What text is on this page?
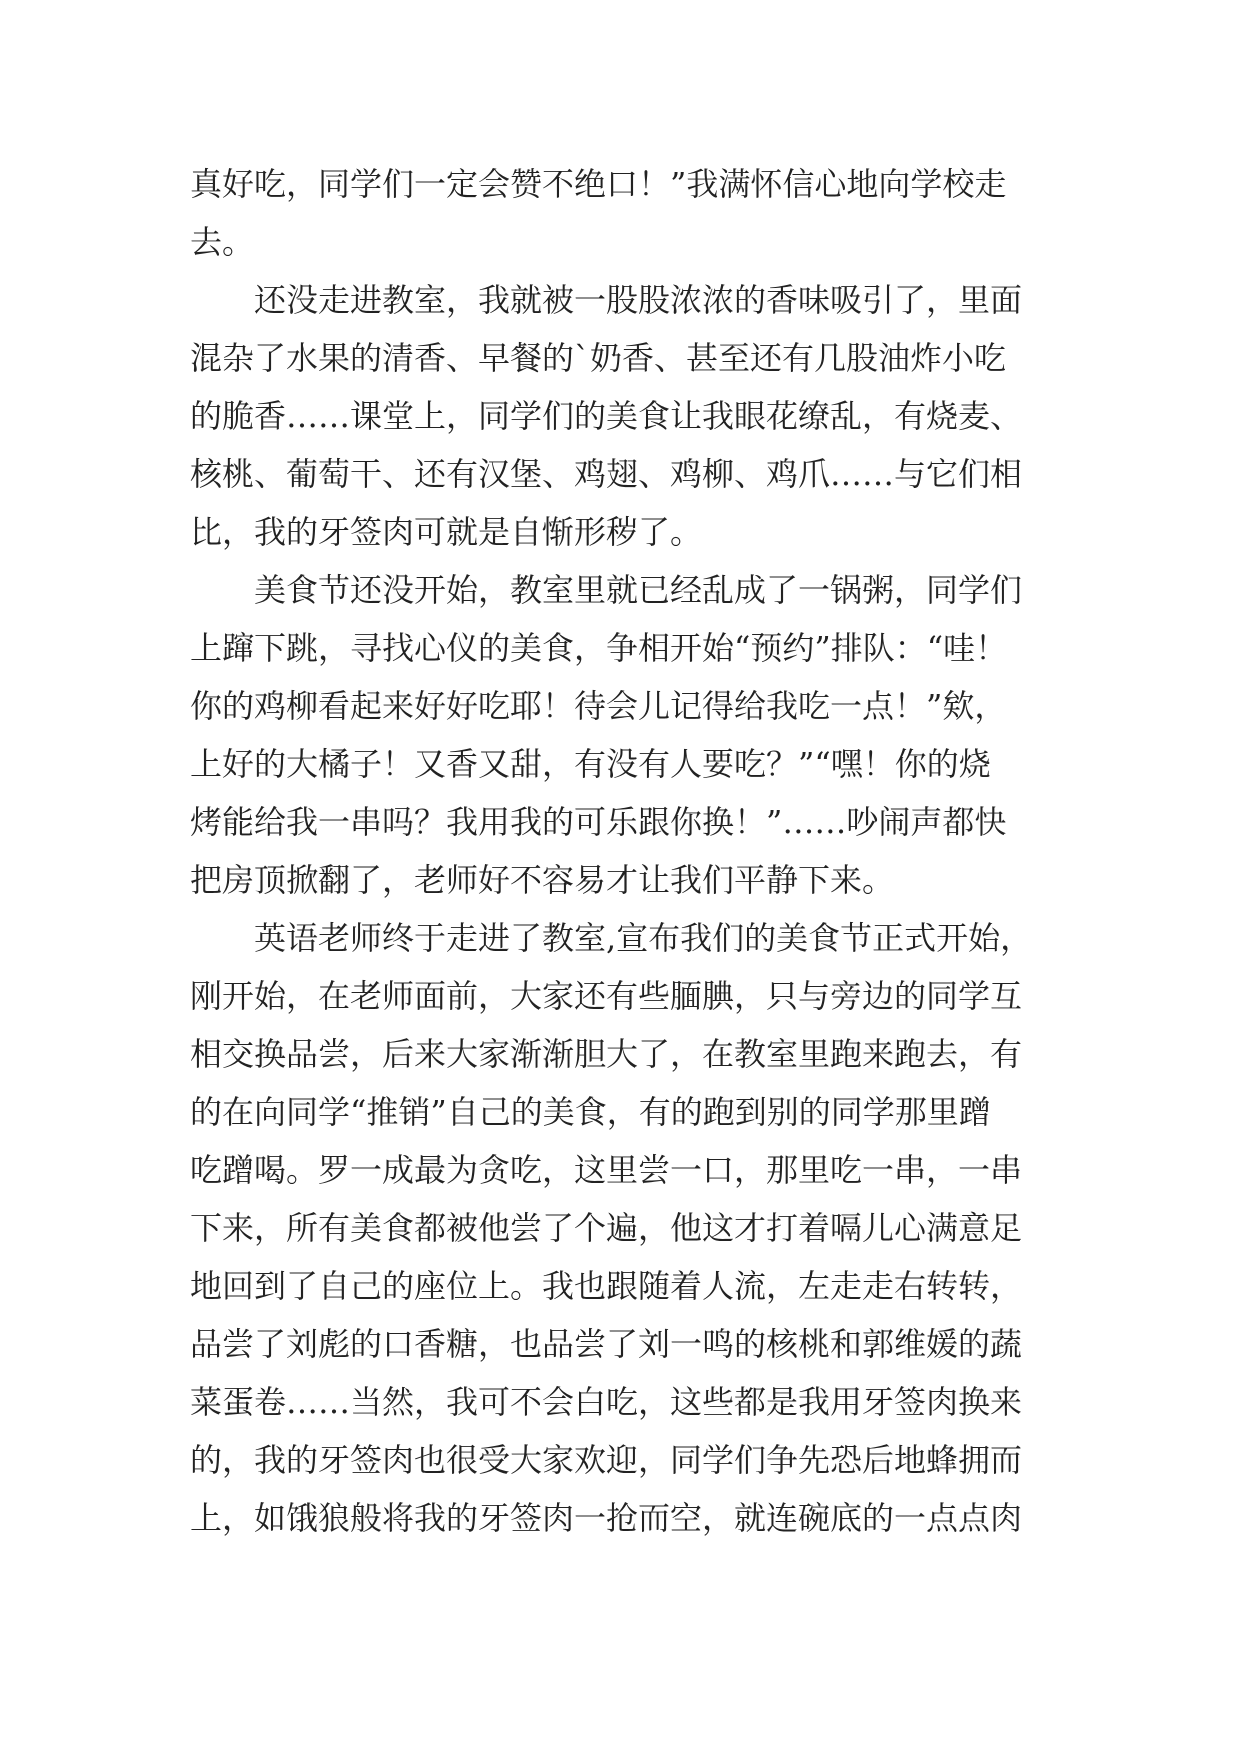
真好吃，同学们一定会赞不绝口！”我满怀信心地向学校走
去。
还没走进教室，我就被一股股浓浓的香味吸引了，里面
混杂了水果的清香、早餐的`奶香、甚至还有几股油炸小吃
的脆香……课堂上，同学们的美食让我眼花缭乱，有烧麦、
核桃、葡萄干、还有汉堡、鸡翅、鸡柳、鸡爪……与它们相
比，我的牙签肉可就是自惭形秽了。
美食节还没开始，教室里就已经乱成了一锅粥，同学们
上蹿下跳，寻找心仪的美食，争相开始“预约”排队：“哇！
你的鸡柳看起来好好吃耶！待会儿记得给我吃一点！”欸，
上好的大橘子！又香又甜，有没有人要吃？”“嘿！你的烧
烤能给我一串吗？我用我的可乐跟你换！”……吵闹声都快
把房顶掀翻了，老师好不容易才让我们平静下来。
英语老师终于走进了教室,宣布我们的美食节正式开始，
刚开始，在老师面前，大家还有些腼腆，只与旁边的同学互
相交换品尝，后来大家渐渐胆大了，在教室里跑来跑去，有
的在向同学“推销”自己的美食，有的跑到别的同学那里蹭
吃蹭喝。罗一成最为贪吃，这里尝一口，那里吃一串，一串
下来，所有美食都被他尝了个遍，他这才打着嗝儿心满意足
地回到了自己的座位上。我也跟随着人流，左走走右转转，
品尝了刘彪的口香糖，也品尝了刘一鸣的核桃和郭维媛的蔬
菜蛋卷……当然，我可不会白吃，这些都是我用牙签肉换来
的，我的牙签肉也很受大家欢迎，同学们争先恐后地蜂拥而
上，如饿狼般将我的牙签肉一抢而空，就连碗底的一点点肉
